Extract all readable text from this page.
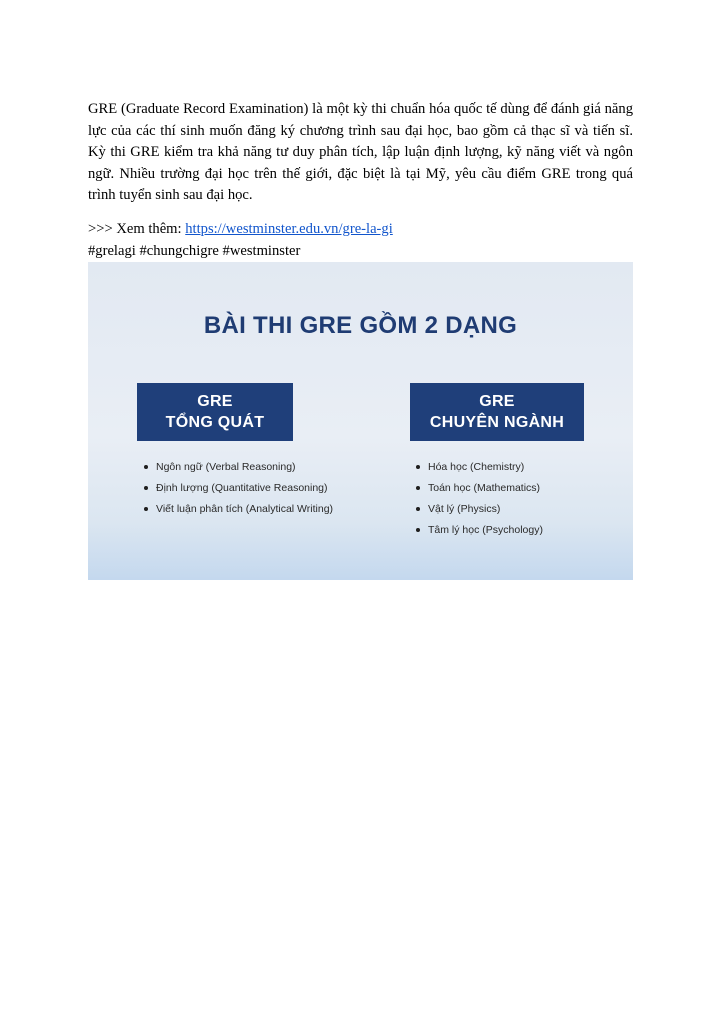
GRE (Graduate Record Examination) là một kỳ thi chuẩn hóa quốc tế dùng để đánh giá năng lực của các thí sinh muốn đăng ký chương trình sau đại học, bao gồm cả thạc sĩ và tiến sĩ. Kỳ thi GRE kiểm tra khả năng tư duy phân tích, lập luận định lượng, kỹ năng viết và ngôn ngữ. Nhiều trường đại học trên thế giới, đặc biệt là tại Mỹ, yêu cầu điểm GRE trong quá trình tuyển sinh sau đại học.

>>> Xem thêm: https://westminster.edu.vn/gre-la-gi
#grelagi #chungchigre #westminster
BÀI THI GRE GỒM 2 DẠNG
GRE
TỔNG QUÁT
GRE
CHUYÊN NGÀNH
Ngôn ngữ (Verbal Reasoning)
Định lượng (Quantitative Reasoning)
Viết luận phân tích (Analytical Writing)
Hóa học (Chemistry)
Toán học (Mathematics)
Vật lý (Physics)
Tâm lý học (Psychology)
